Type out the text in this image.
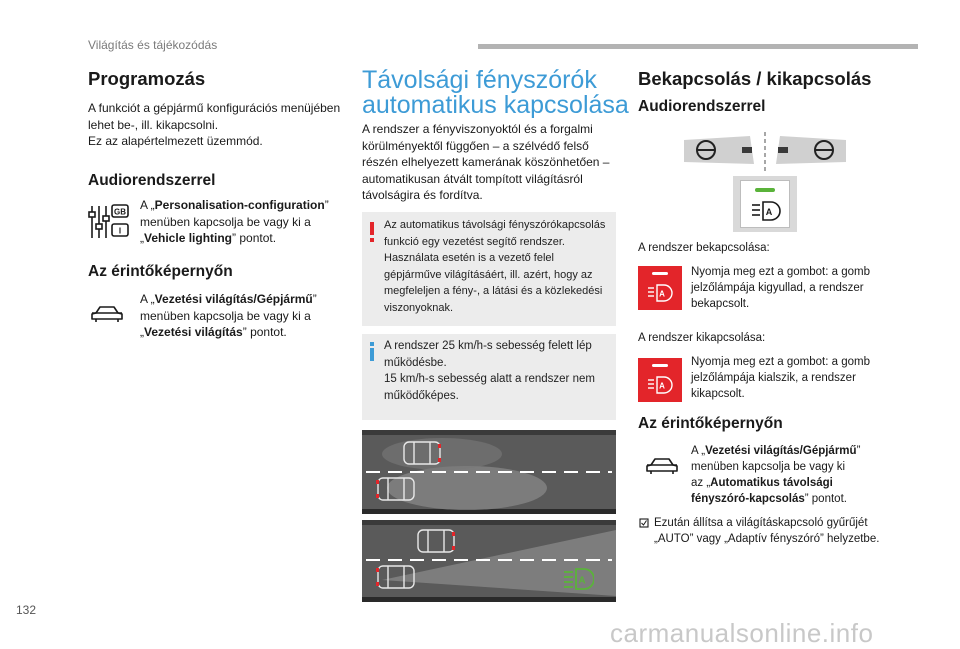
Világítás és tájékozódás
Programozás
A funkciót a gépjármű konfigurációs menüjében
lehet be-, ill. kikapcsolni.
Ez az alapértelmezett üzemmód.
Audiorendszerrel
GB
I
A „Personalisation-configuration”
menüben kapcsolja be vagy ki a
„Vehicle lighting” pontot.
Az érintőképernyőn
A „Vezetési világítás/Gépjármű”
menüben kapcsolja be vagy ki a
„Vezetési világítás” pontot.
Távolsági fényszórók
automatikus kapcsolása
A rendszer a fényviszonyoktól és a forgalmi
körülményektől függően – a szélvédő felső
részén elhelyezett kamerának köszönhetően –
automatikusan átvált tompított világításról
távolságira és fordítva.
Az automatikus távolsági fényszórókapcsolás
funkció egy vezetést segítő rendszer.
Használata esetén is a vezető felel
gépjárműve világításáért, ill. azért, hogy az
megfeleljen a fény-, a látási és a közlekedési
viszonyoknak.
A rendszer 25 km/h-s sebesség felett lép
működésbe.
15 km/h-s sebesség alatt a rendszer nem
működőképes.
A
Bekapcsolás / kikapcsolás
Audiorendszerrel
A
A rendszer bekapcsolása:
A
Nyomja meg ezt a gombot: a gomb
jelzőlámpája kigyullad, a rendszer
bekapcsolt.
A rendszer kikapcsolása:
A
Nyomja meg ezt a gombot: a gomb
jelzőlámpája kialszik, a rendszer
kikapcsolt.
Az érintőképernyőn
A „Vezetési világítás/Gépjármű”
menüben kapcsolja be vagy ki
az „Automatikus távolsági
fényszóró-kapcsolás” pontot.
Ezután állítsa a világításkapcsoló gyűrűjét
„AUTO” vagy „Adaptív fényszóró” helyzetbe.
132
carmanualsonline.info
